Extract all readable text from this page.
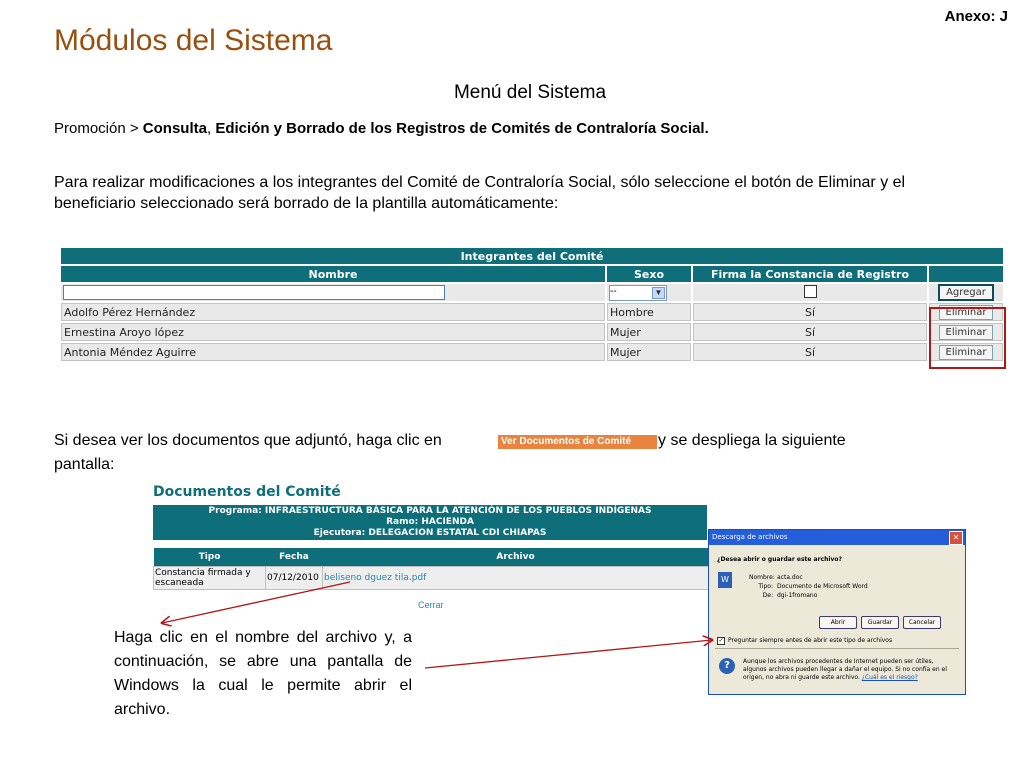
Anexo: J
Módulos del Sistema
Menú del Sistema
Promoción > Consulta, Edición y Borrado de los Registros de Comités de Contraloría Social.
Para realizar modificaciones a los integrantes del Comité de Contraloría Social, sólo seleccione el botón de Eliminar y el beneficiario seleccionado será borrado de la plantilla automáticamente:
Integrantes del Comité			
Nombre	Sexo	Firma la Constancia de Registro	

	-- ▼		Agregar
Adolfo Pérez Hernández	Hombre	Sí	Eliminar
Ernestina Aroyo lópez	Mujer	Sí	Eliminar
Antonia Méndez Aguirre	Mujer	Sí	Eliminar
Si desea ver los documentos que adjuntó, haga clic en	Ver Documentos de Comité	y se despliega la siguiente
pantalla:
Documentos del Comité
Programa: INFRAESTRUCTURA BÁSICA PARA LA ATENCIÓN DE LOS PUEBLOS INDÍGENAS
Ramo: HACIENDA
Ejecutora: DELEGACION ESTATAL CDI CHIAPAS
Tipo	Fecha	Archivo
Constancia firmada y escaneada	07/12/2010	beliseno dguez tila.pdf
Cerrar
Haga clic en el nombre del archivo y, a continuación, se abre una pantalla de Windows la cual le permite abrir el archivo.
Descarga de archivos	✕
¿Desea abrir o guardar este archivo?
W	Nombre: acta.doc
Tipo: Documento de Microsoft Word
De: dgi-1fromano
Abrir	Guardar	Cancelar
✓ Preguntar siempre antes de abrir este tipo de archivos
?	Aunque los archivos procedentes de Internet pueden ser útiles, algunos archivos pueden llegar a dañar el equipo. Si no confía en el origen, no abra ni guarde este archivo. ¿Cuál es el riesgo?
